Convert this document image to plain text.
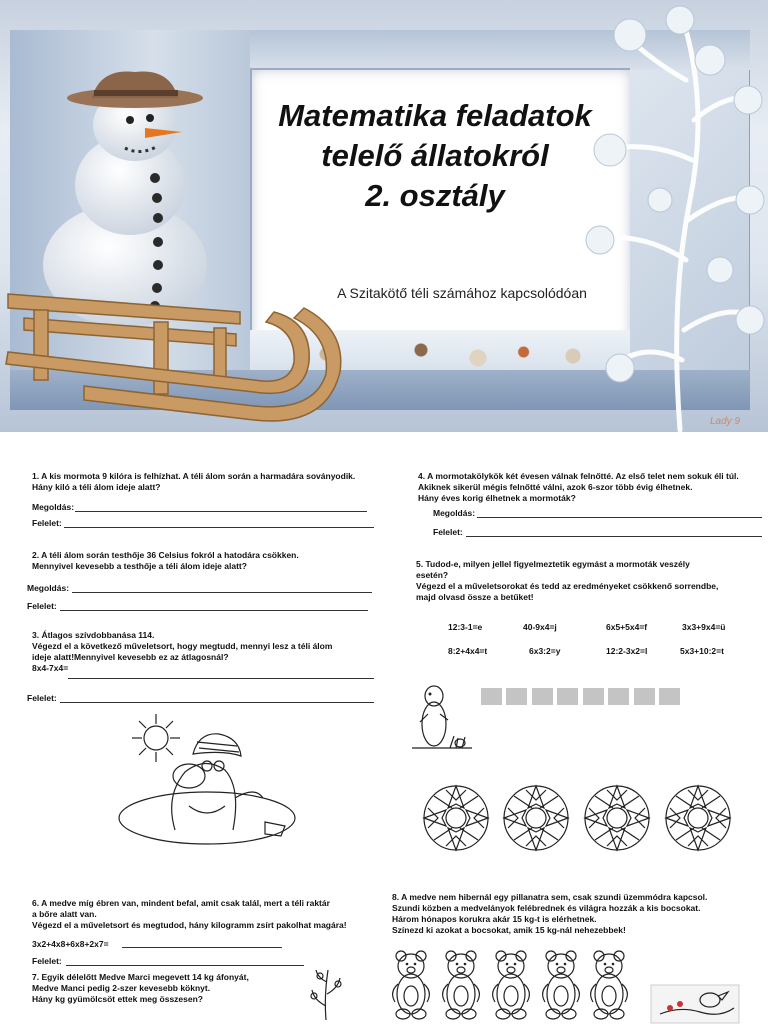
Matematika feladatok
telelő állatokról
2. osztály
A Szitakötő téli számához kapcsolódóan
Lady 9
1. A kis mormota 9 kilóra is felhízhat. A téli álom során a harmadára soványodik.
Hány kiló a téli álom ideje alatt?
Megoldás:
Felelet:
2. A téli álom során testhője 36 Celsius fokról a hatodára csökken.
Mennyivel kevesebb a testhője a téli álom ideje alatt?
Megoldás:
Felelet:
3. Átlagos szívdobbanása 114.
Végezd el a következő műveletsort, hogy megtudd, mennyi lesz a téli álom
ideje alatt!Mennyivel kevesebb ez az átlagosnál?
8x4-7x4=
Felelet:
4. A mormotakölykök két évesen válnak felnőtté. Az első telet nem sokuk éli túl.
Akiknek sikerül mégis felnőtté válni, azok 6-szor több évig élhetnek.
Hány éves korig élhetnek a mormoták?
Megoldás:
Felelet:
5. Tudod-e, milyen jellel figyelmeztetik egymást a mormoták veszély
esetén?
Végezd el a műveletsorokat és tedd az eredményeket csökkenő sorrendbe,
majd olvasd össze a betűket!
12:3-1=e	40-9x4=j	6x5+5x4=f	3x3+9x4=ü
8:2+4x4=t	6x3:2=y	12:2-3x2=l	5x3+10:2=t
6. A medve míg ébren van, mindent befal, amit csak talál, mert a téli raktár
a bőre alatt van.
Végezd el a műveletsort és megtudod, hány kilogramm zsírt pakolhat magára!
3x2+4x8+6x8+2x7=
Felelet:
7. Egyik délelőtt Medve Marci megevett 14 kg áfonyát,
Medve Manci pedig 2-szer kevesebb köknyt.
Hány kg gyümölcsöt ettek meg összesen?
8. A medve nem hibernál egy pillanatra sem, csak szundi üzemmódra kapcsol.
Szundi közben a medvelányok felébrednek és világra hozzák a kis bocsokat.
Három hónapos korukra akár 15 kg-t is elérhetnek.
Színezd ki azokat a bocsokat, amik 15 kg-nál nehezebbek!
